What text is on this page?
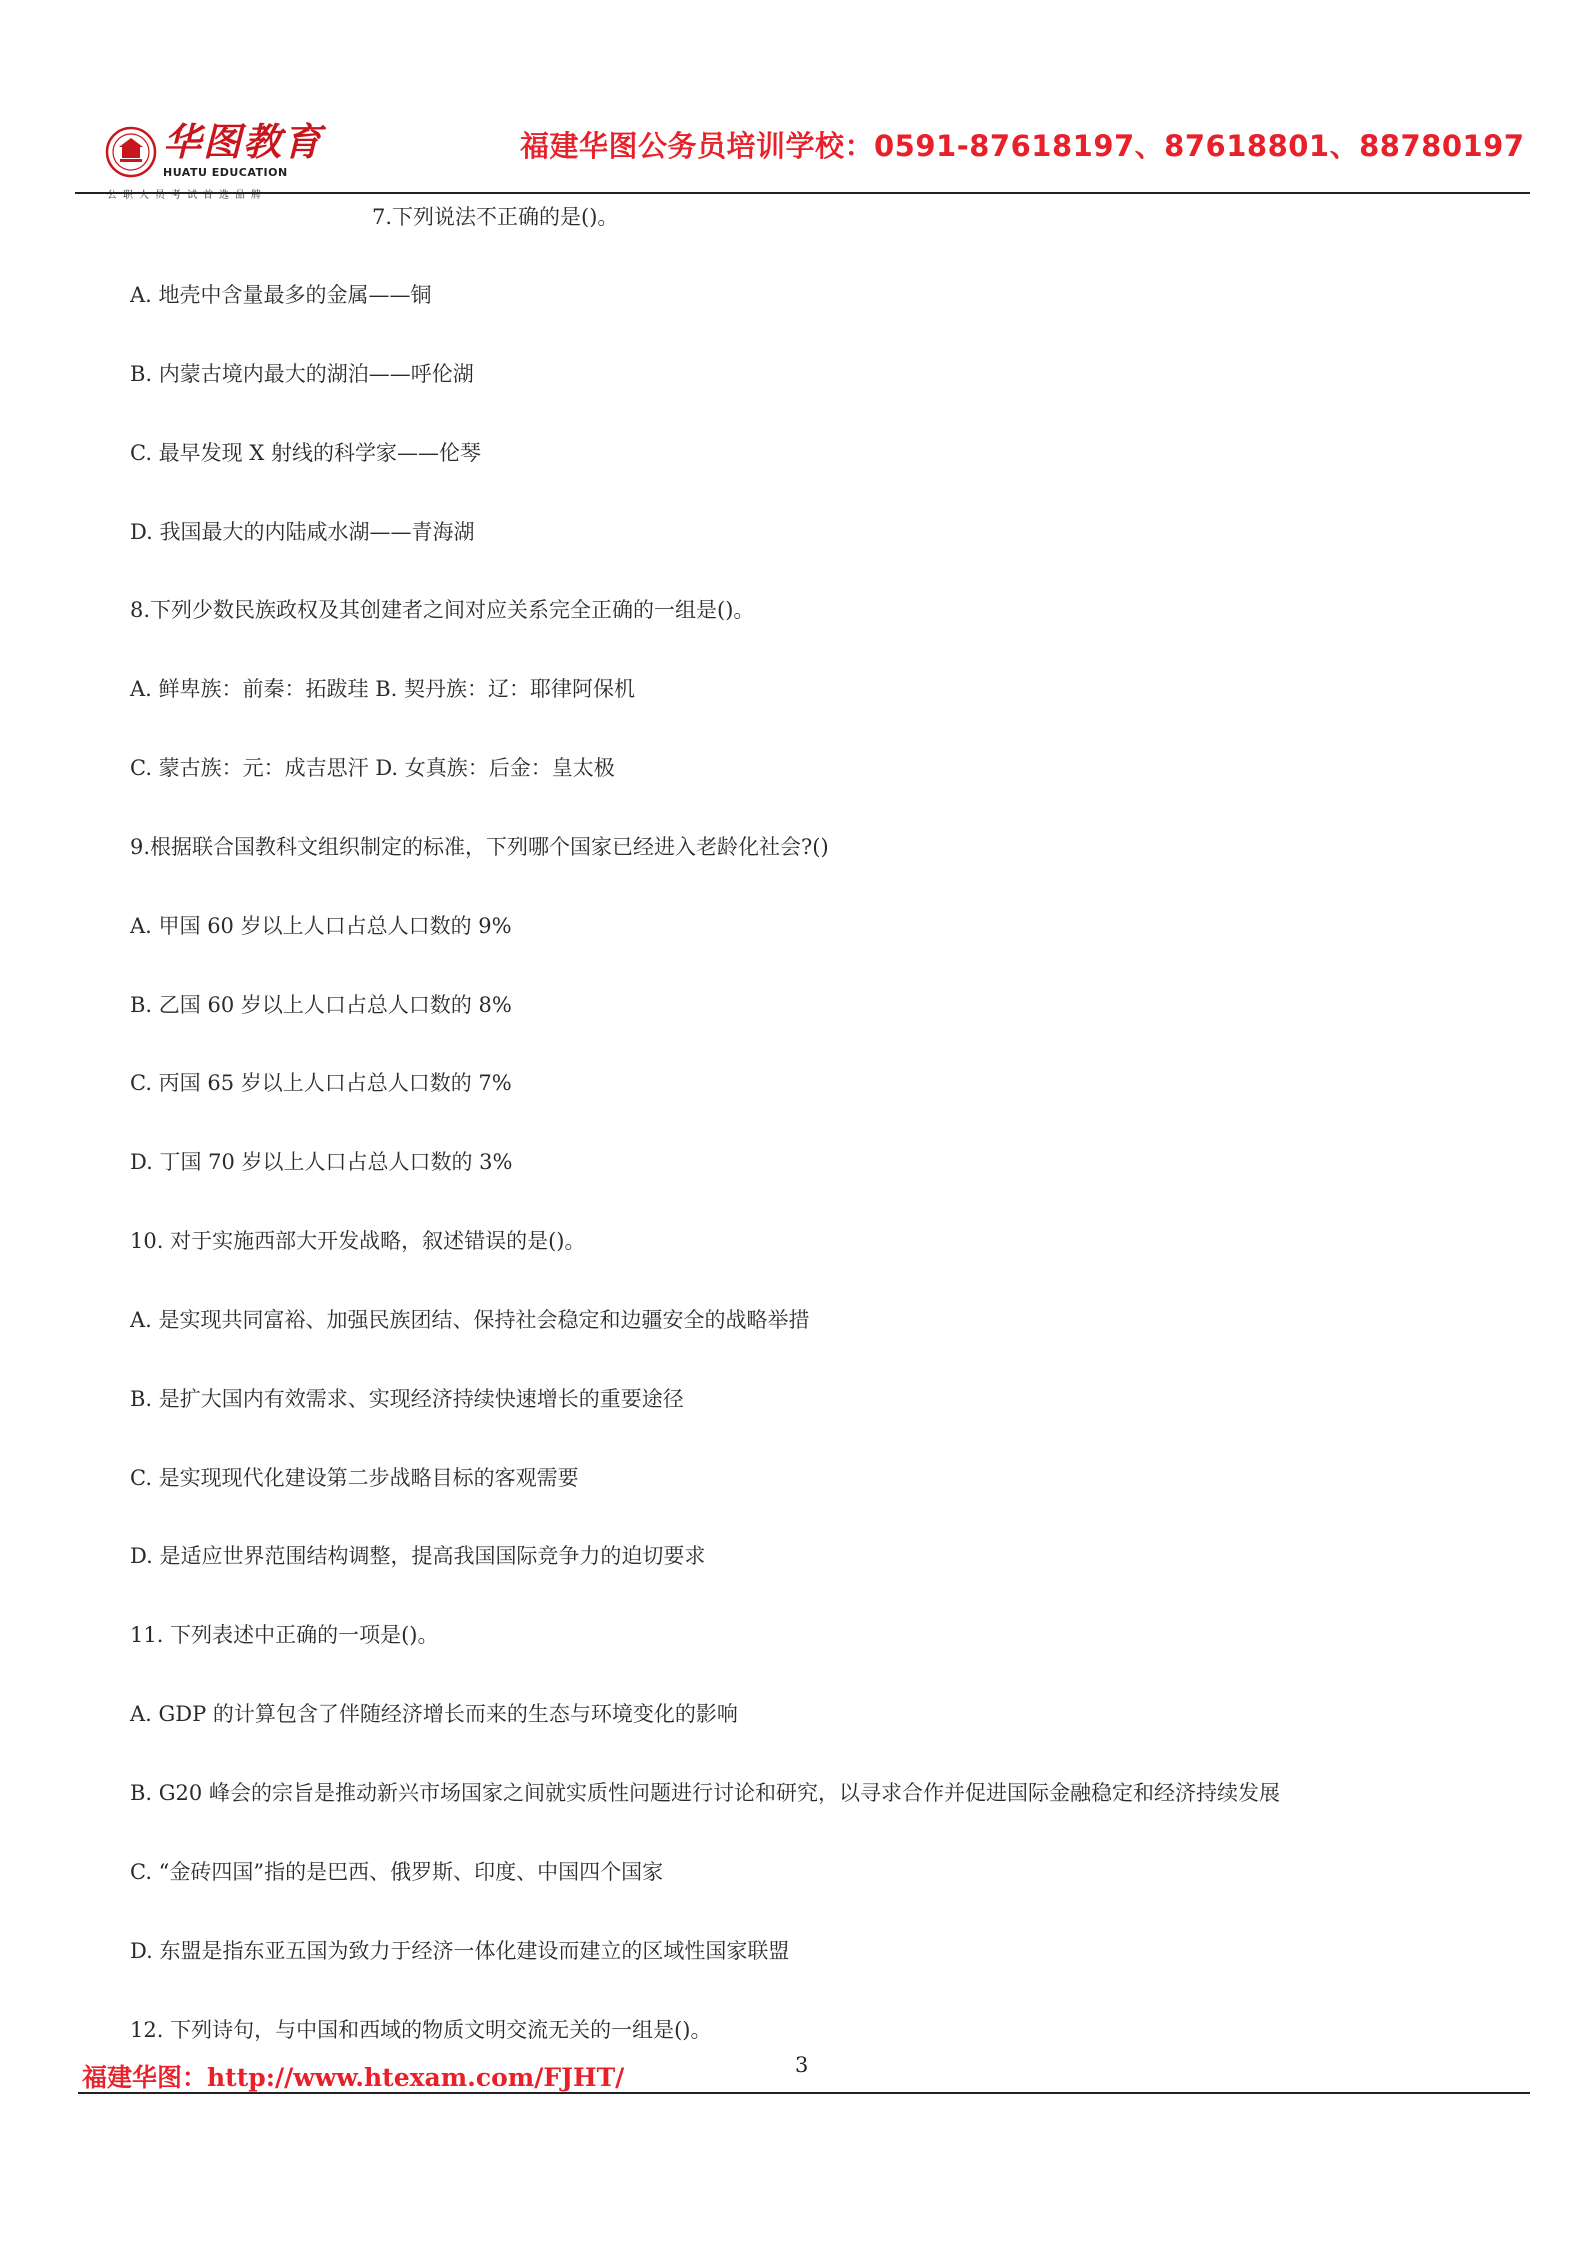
华图教育
HUATU EDUCATION
公职人员考试首选品牌
福建华图公务员培训学校：0591-87618197、87618801、88780197
7.下列说法不正确的是()。
A. 地壳中含量最多的金属——铜
B. 内蒙古境内最大的湖泊——呼伦湖
C. 最早发现 X 射线的科学家——伦琴
D. 我国最大的内陆咸水湖——青海湖
8.下列少数民族政权及其创建者之间对应关系完全正确的一组是()。
A. 鲜卑族：前秦：拓跋珪 B. 契丹族：辽：耶律阿保机
C. 蒙古族：元：成吉思汗 D. 女真族：后金：皇太极
9.根据联合国教科文组织制定的标准，下列哪个国家已经进入老龄化社会?()
A. 甲国 60 岁以上人口占总人口数的 9%
B. 乙国 60 岁以上人口占总人口数的 8%
C. 丙国 65 岁以上人口占总人口数的 7%
D. 丁国 70 岁以上人口占总人口数的 3%
10. 对于实施西部大开发战略，叙述错误的是()。
A. 是实现共同富裕、加强民族团结、保持社会稳定和边疆安全的战略举措
B. 是扩大国内有效需求、实现经济持续快速增长的重要途径
C. 是实现现代化建设第二步战略目标的客观需要
D. 是适应世界范围结构调整，提高我国国际竞争力的迫切要求
11. 下列表述中正确的一项是()。
A. GDP 的计算包含了伴随经济增长而来的生态与环境变化的影响
B. G20 峰会的宗旨是推动新兴市场国家之间就实质性问题进行讨论和研究，以寻求合作并促进国际金融稳定和经济持续发展
C. “金砖四国”指的是巴西、俄罗斯、印度、中国四个国家
D. 东盟是指东亚五国为致力于经济一体化建设而建立的区域性国家联盟
12. 下列诗句，与中国和西域的物质文明交流无关的一组是()。
福建华图：http://www.htexam.com/FJHT/	3
